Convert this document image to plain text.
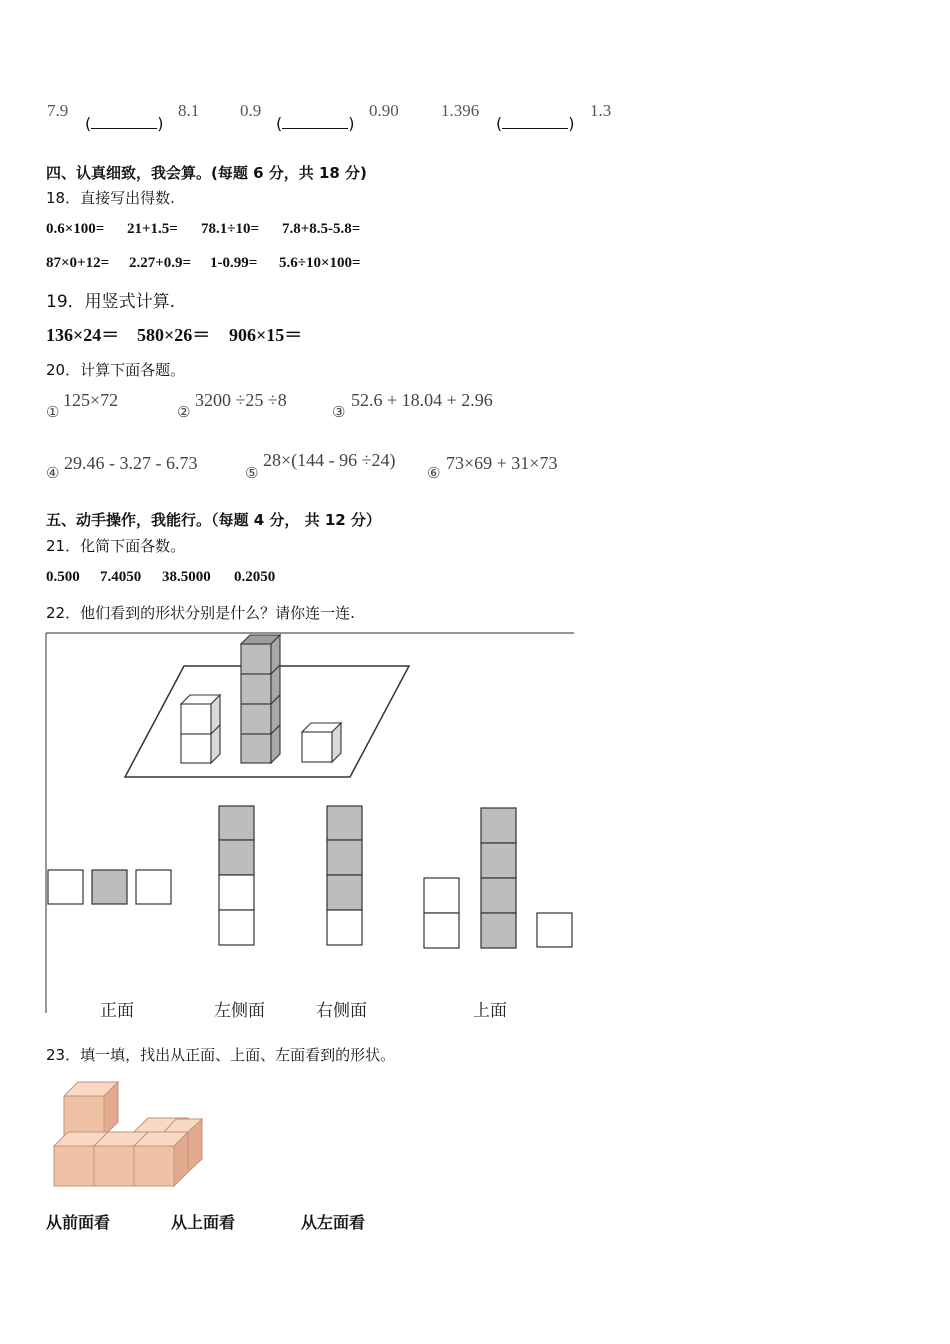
7.9
(	)
8.1 0.9
(	)
0.90 1.396
(	)
1.3
四、认真细致，我会算。(每题 6 分，共 18 分)
18．直接写出得数.
0.6×100= 21+1.5= 78.1÷10= 7.8+8.5-5.8=
87×0+12= 2.27+0.9= 1-0.99= 5.6÷10×100=
19．用竖式计算.
136×24＝ 580×26＝ 906×15＝
20．计算下面各题。
①
125×72
②
3200 ÷25 ÷8
③
52.6 + 18.04 + 2.96
④ 29.46 - 3.27 - 6.73	⑤
28×(144 - 96 ÷24)
⑥ 73×69 + 31×73
五、动手操作，我能行。（每题 4 分， 共 12 分）
21．化简下面各数。
0.500 7.4050 38.5000 0.2050
22．他们看到的形状分别是什么？请你连一连.
正面	左侧面	右侧面	上面
23．填一填，找出从正面、上面、左面看到的形状。
从前面看	从上面看	从左面看
